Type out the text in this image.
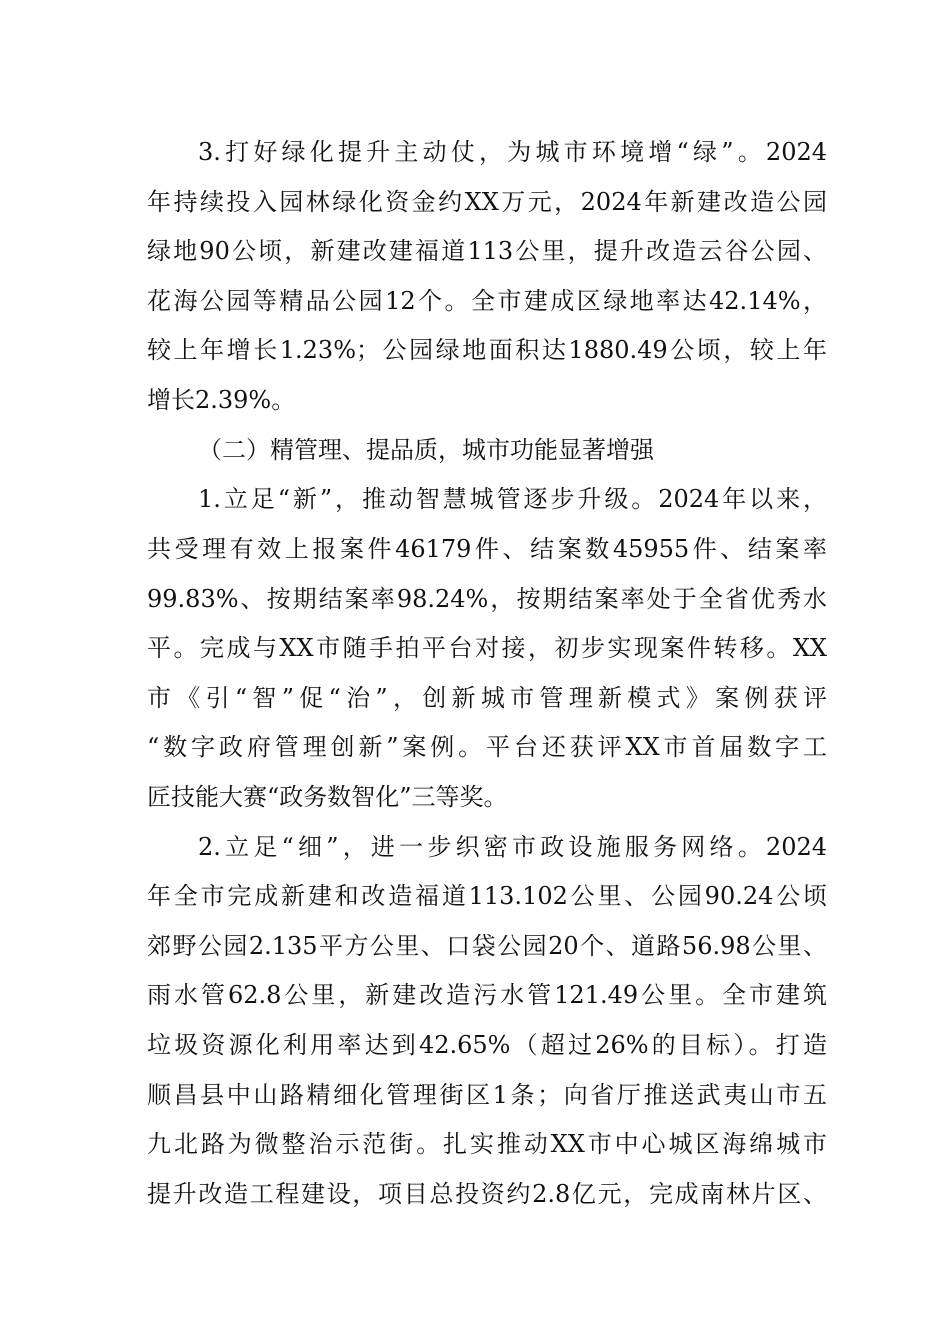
3.打好绿化提升主动仗，为城市环境增“绿”。2024
年持续投入园林绿化资金约XX万元，2024年新建改造公园
绿地90公顷，新建改建福道113公里，提升改造云谷公园、
花海公园等精品公园12个。全市建成区绿地率达42.14%，
较上年增长1.23%；公园绿地面积达1880.49公顷，较上年
增长2.39%。
（二）精管理、提品质，城市功能显著增强
1.立足“新”，推动智慧城管逐步升级。2024年以来，
共受理有效上报案件46179件、结案数45955件、结案率
99.83%、按期结案率98.24%，按期结案率处于全省优秀水
平。完成与XX市随手拍平台对接，初步实现案件转移。XX
市《引“智”促“治”，创新城市管理新模式》案例获评
“数字政府管理创新”案例。平台还获评XX市首届数字工
匠技能大赛“政务数智化”三等奖。
2.立足“细”，进一步织密市政设施服务网络。2024
年全市完成新建和改造福道113.102公里、公园90.24公顷
郊野公园2.135平方公里、口袋公园20个、道路56.98公里、
雨水管62.8公里，新建改造污水管121.49公里。全市建筑
垃圾资源化利用率达到42.65%（超过26%的目标）。打造
顺昌县中山路精细化管理街区1条；向省厅推送武夷山市五
九北路为微整治示范街。扎实推动XX市中心城区海绵城市
提升改造工程建设，项目总投资约2.8亿元，完成南林片区、
